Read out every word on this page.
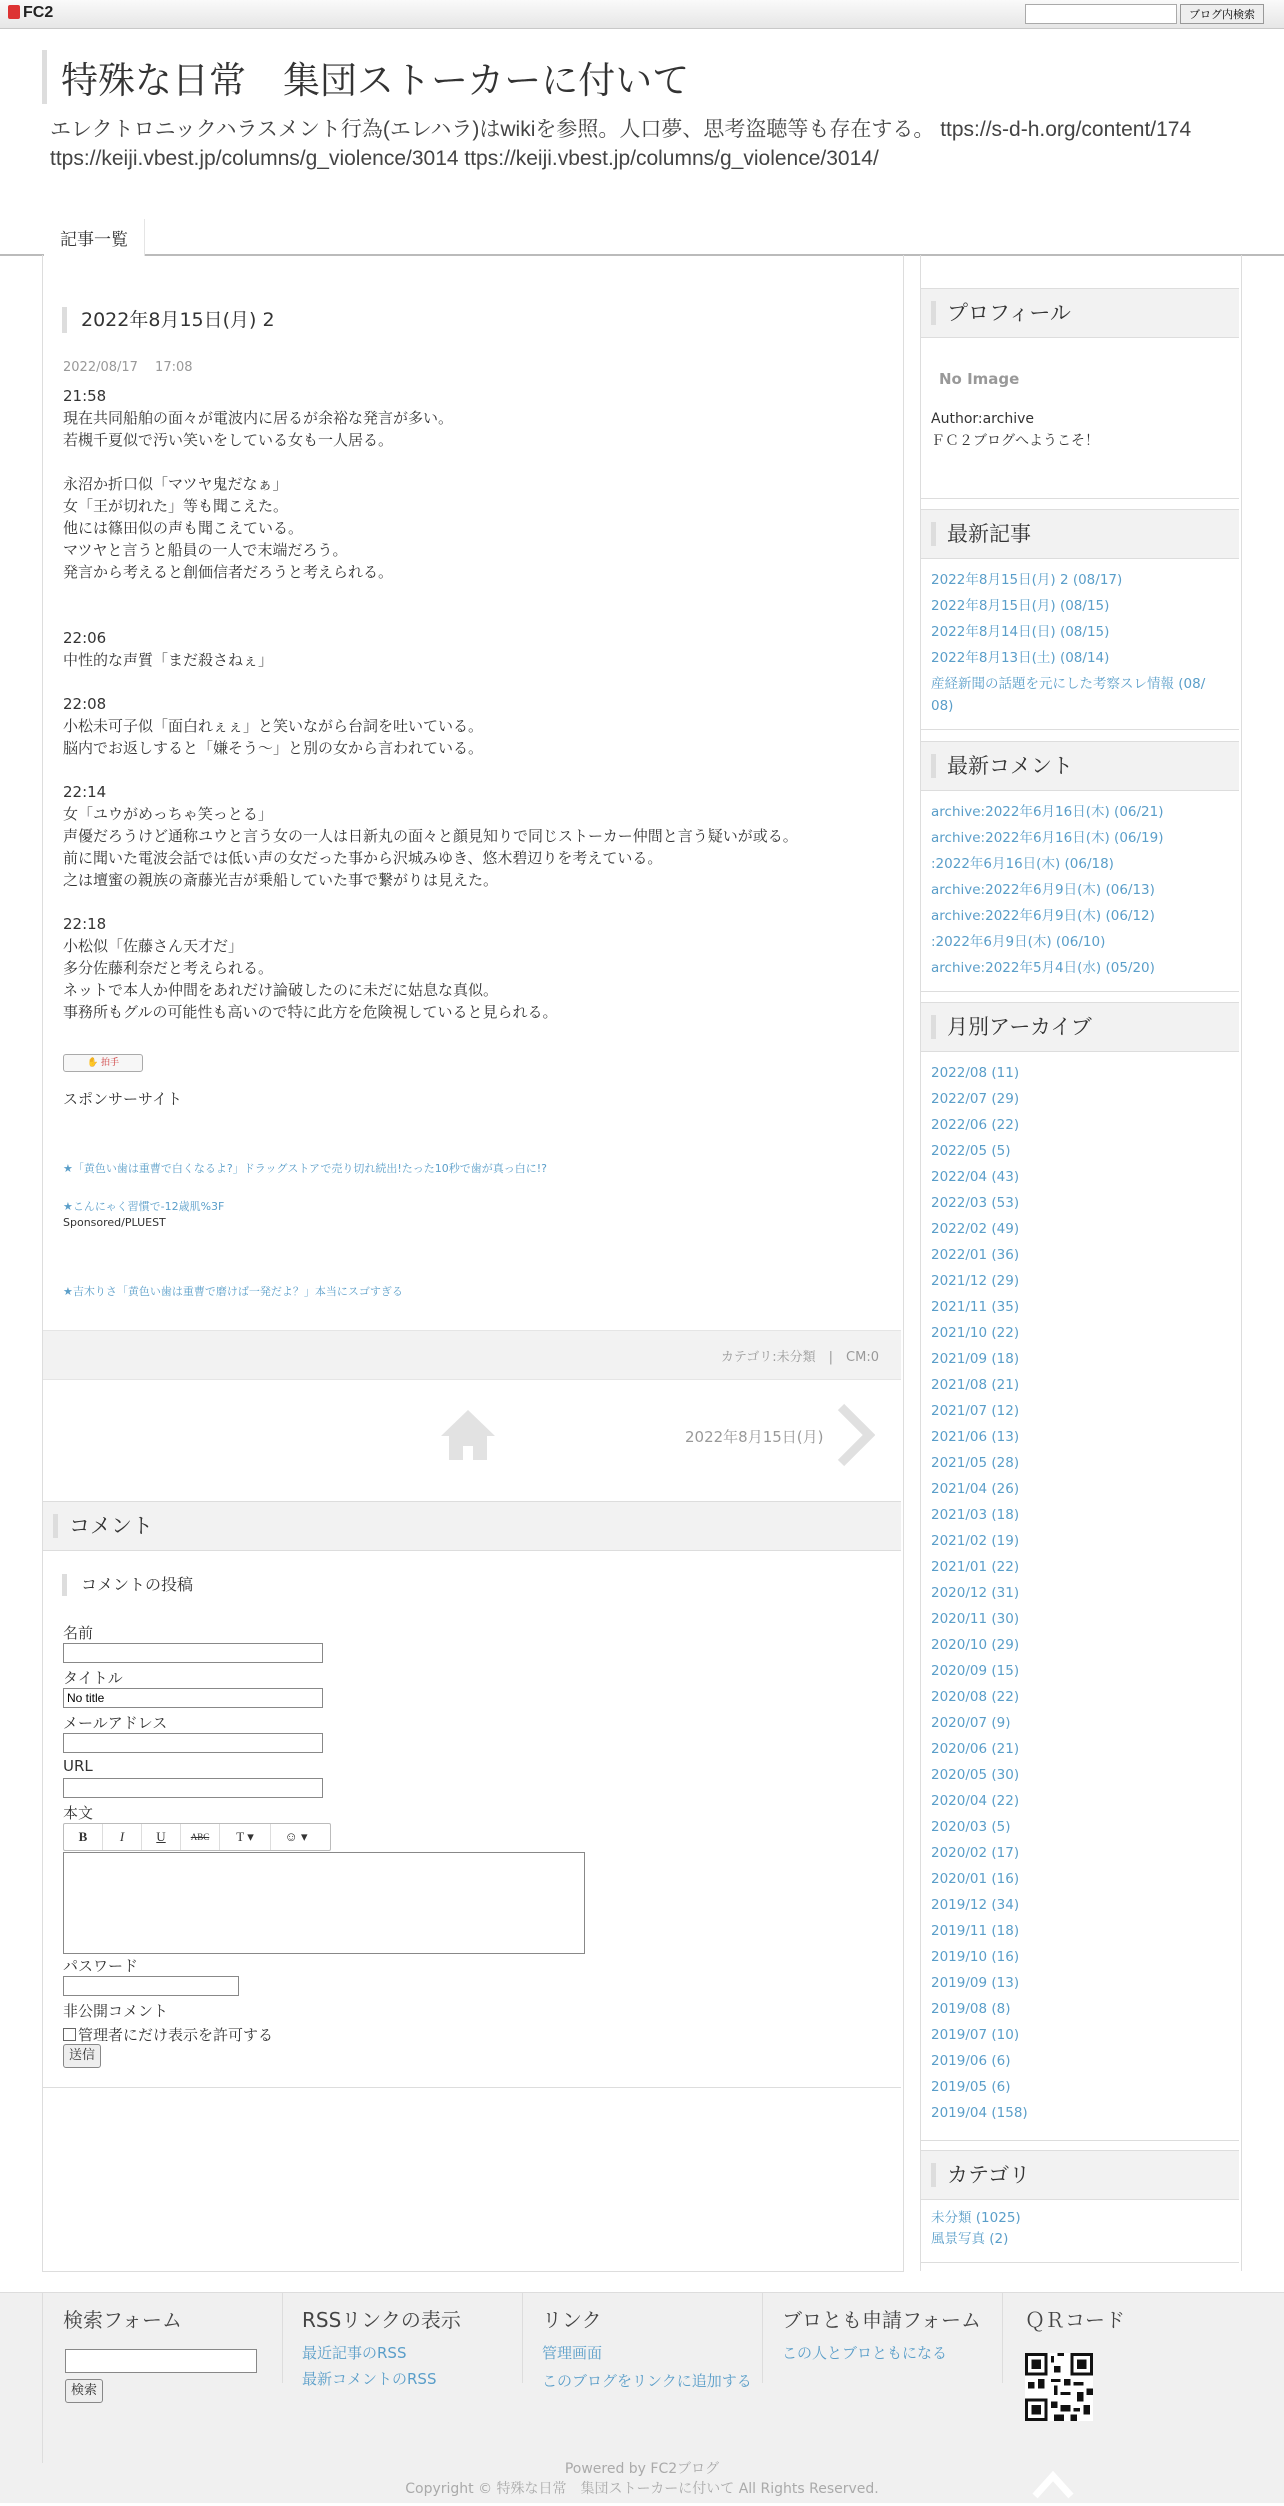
FC2	ブログ内検索
特殊な日常　集団ストーカーに付いて
エレクトロニックハラスメント行為(エレハラ)はwikiを参照。人口夢、思考盗聴等も存在する。 ttps://s-d-h.org/content/174 ttps://keiji.vbest.jp/columns/g_violence/3014 ttps://keiji.vbest.jp/columns/g_violence/3014/
記事一覧
2022年8月15日(月) 2
2022/08/17　 17:08
21:58
現在共同船舶の面々が電波内に居るが余裕な発言が多い。
若槻千夏似で汚い笑いをしている女も一人居る。

永沼か折口似「マツヤ鬼だなぁ」
女「王が切れた」等も聞こえた。
他には篠田似の声も聞こえている。
マツヤと言うと船員の一人で末端だろう。
発言から考えると創価信者だろうと考えられる。

22:06
中性的な声質「まだ殺さねぇ」

22:08
小松未可子似「面白れぇぇ」と笑いながら台詞を吐いている。
脳内でお返しすると「嫌そう～」と別の女から言われている。

22:14
女「ユウがめっちゃ笑っとる」
声優だろうけど通称ユウと言う女の一人は日新丸の面々と顔見知りで同じストーカー仲間と言う疑いが或る。
前に聞いた電波会話では低い声の女だった事から沢城みゆき、悠木碧辺りを考えている。
之は壇蜜の親族の斎藤光吉が乗船していた事で繋がりは見えた。

22:18
小松似「佐藤さん天才だ」
多分佐藤利奈だと考えられる。
ネットで本人か仲間をあれだけ論破したのに未だに姑息な真似。
事務所もグルの可能性も高いので特に此方を危険視していると見られる。
✋ 拍手
スポンサーサイト
★「黄色い歯は重曹で白くなるよ?」ドラッグストアで売り切れ続出!たった10秒で歯が真っ白に!?
★こんにゃく習慣で-12歳肌%3F
Sponsored/PLUEST
★吉木りさ「黄色い歯は重曹で磨けば一発だよ？」本当にスゴすぎる
カテゴリ:未分類　|　CM:0
2022年8月15日(月)
コメント
コメントの投稿
名前
タイトル
No title
メールアドレス
URL
本文
B	I	U	ABC	T ▾	☺ ▾
パスワード
非公開コメント
管理者にだけ表示を許可する
送信
プロフィール
No Image
Author:archive
ＦＣ２ブログへようこそ！
最新記事
2022年8月15日(月) 2 (08/17)
2022年8月15日(月) (08/15)
2022年8月14日(日) (08/15)
2022年8月13日(土) (08/14)
産経新聞の話題を元にした考察スレ情報 (08/
08)
最新コメント
archive:2022年6月16日(木) (06/21)
archive:2022年6月16日(木) (06/19)
:2022年6月16日(木) (06/18)
archive:2022年6月9日(木) (06/13)
archive:2022年6月9日(木) (06/12)
:2022年6月9日(木) (06/10)
archive:2022年5月4日(水) (05/20)
月別アーカイブ
2022/08 (11)
2022/07 (29)
2022/06 (22)
2022/05 (5)
2022/04 (43)
2022/03 (53)
2022/02 (49)
2022/01 (36)
2021/12 (29)
2021/11 (35)
2021/10 (22)
2021/09 (18)
2021/08 (21)
2021/07 (12)
2021/06 (13)
2021/05 (28)
2021/04 (26)
2021/03 (18)
2021/02 (19)
2021/01 (22)
2020/12 (31)
2020/11 (30)
2020/10 (29)
2020/09 (15)
2020/08 (22)
2020/07 (9)
2020/06 (21)
2020/05 (30)
2020/04 (22)
2020/03 (5)
2020/02 (17)
2020/01 (16)
2019/12 (34)
2019/11 (18)
2019/10 (16)
2019/09 (13)
2019/08 (8)
2019/07 (10)
2019/06 (6)
2019/05 (6)
2019/04 (158)
カテゴリ
未分類 (1025)
風景写真 (2)
検索フォーム
検索
RSSリンクの表示
最近記事のRSS
最新コメントのRSS
リンク
管理画面
このブログをリンクに追加する
ブロとも申請フォーム
この人とブロともになる
ＱＲコード
Powered by FC2ブログ
Copyright © 特殊な日常　集団ストーカーに付いて All Rights Reserved.
